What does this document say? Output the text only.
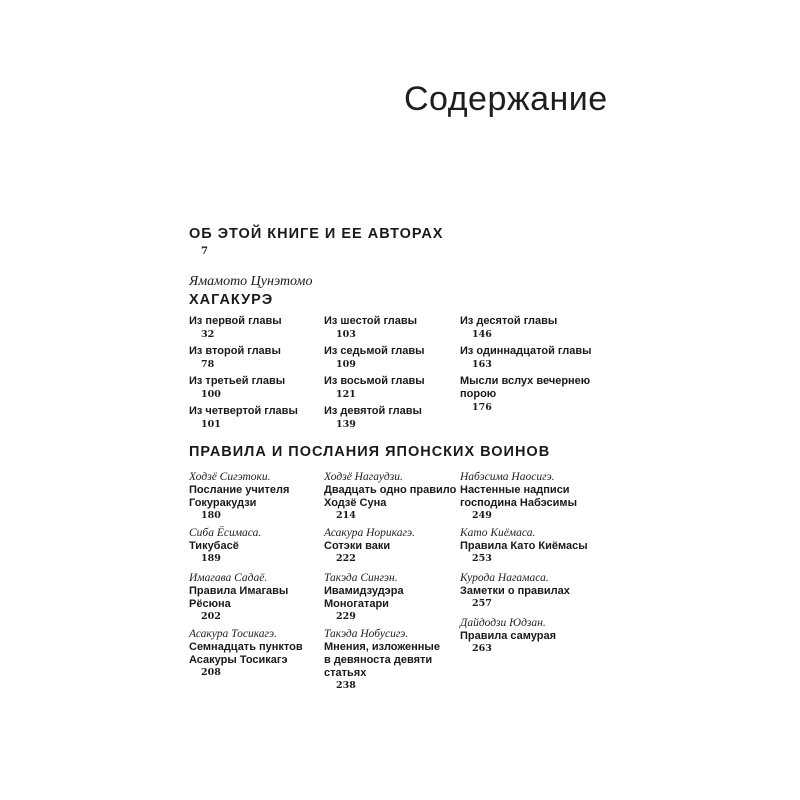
Содержание
ОБ ЭТОЙ КНИГЕ И ЕЕ АВТОРАХ
7
Ямамото Цунэтомо
ХАГАКУРЭ
Из первой главы
32
Из второй главы
78
Из третьей главы
100
Из четвертой главы
101
Из шестой главы
103
Из седьмой главы
109
Из восьмой главы
121
Из девятой главы
139
Из десятой главы
146
Из одиннадцатой главы
163
Мысли вслух вечернею
порою
176
ПРАВИЛА И ПОСЛАНИЯ ЯПОНСКИХ ВОИНОВ
Ходзё Сигэтоки.
Послание учителя
Гокуракудзи
180
Сиба Ёсимаса.
Тикубасё
189
Имагава Садаё.
Правила Имагавы
Рёсюна
202
Асакура Тосикагэ.
Семнадцать пунктов
Асакуры Тосикагэ
208
Ходзё Нагаудзи.
Двадцать одно правило
Ходзё Суна
214
Асакура Норикагэ.
Сотэки ваки
222
Такэда Сингэн.
Ивамидзудэра
Моногатари
229
Такэда Нобусигэ.
Мнения, изложенные
в девяноста девяти
статьях
238
Набэсима Наосигэ.
Настенные надписи
господина Набэсимы
249
Като Киёмаса.
Правила Като Киёмасы
253
Курода Нагамаса.
Заметки о правилах
257
Дайдодзи Юдзан.
Правила самурая
263
